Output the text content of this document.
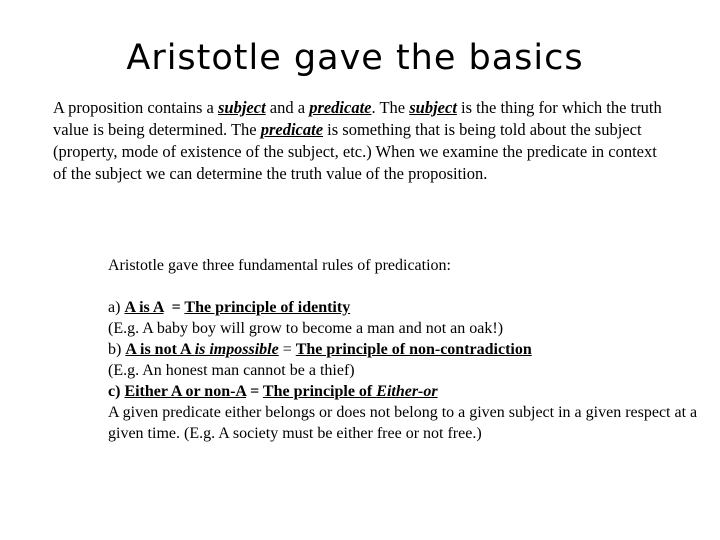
Aristotle gave the basics

A proposition contains a subject and a predicate. The subject is the thing for which the truth value is being determined. The predicate is something that is being told about the subject (property, mode of existence of the subject, etc.) When we examine the predicate in context of the subject we can determine the truth value of the proposition.

Aristotle gave three fundamental rules of predication:

a) A is A  = The principle of identity

(E.g. A baby boy will grow to become a man and not an oak!)

b) A is not A is impossible = The principle of non-contradiction

(E.g. An honest man cannot be a thief)

c) Either A or non-A = The principle of Either-or

A given predicate either belongs or does not belong to a given subject in a given respect at a given time. (E.g. A society must be either free or not free.)
